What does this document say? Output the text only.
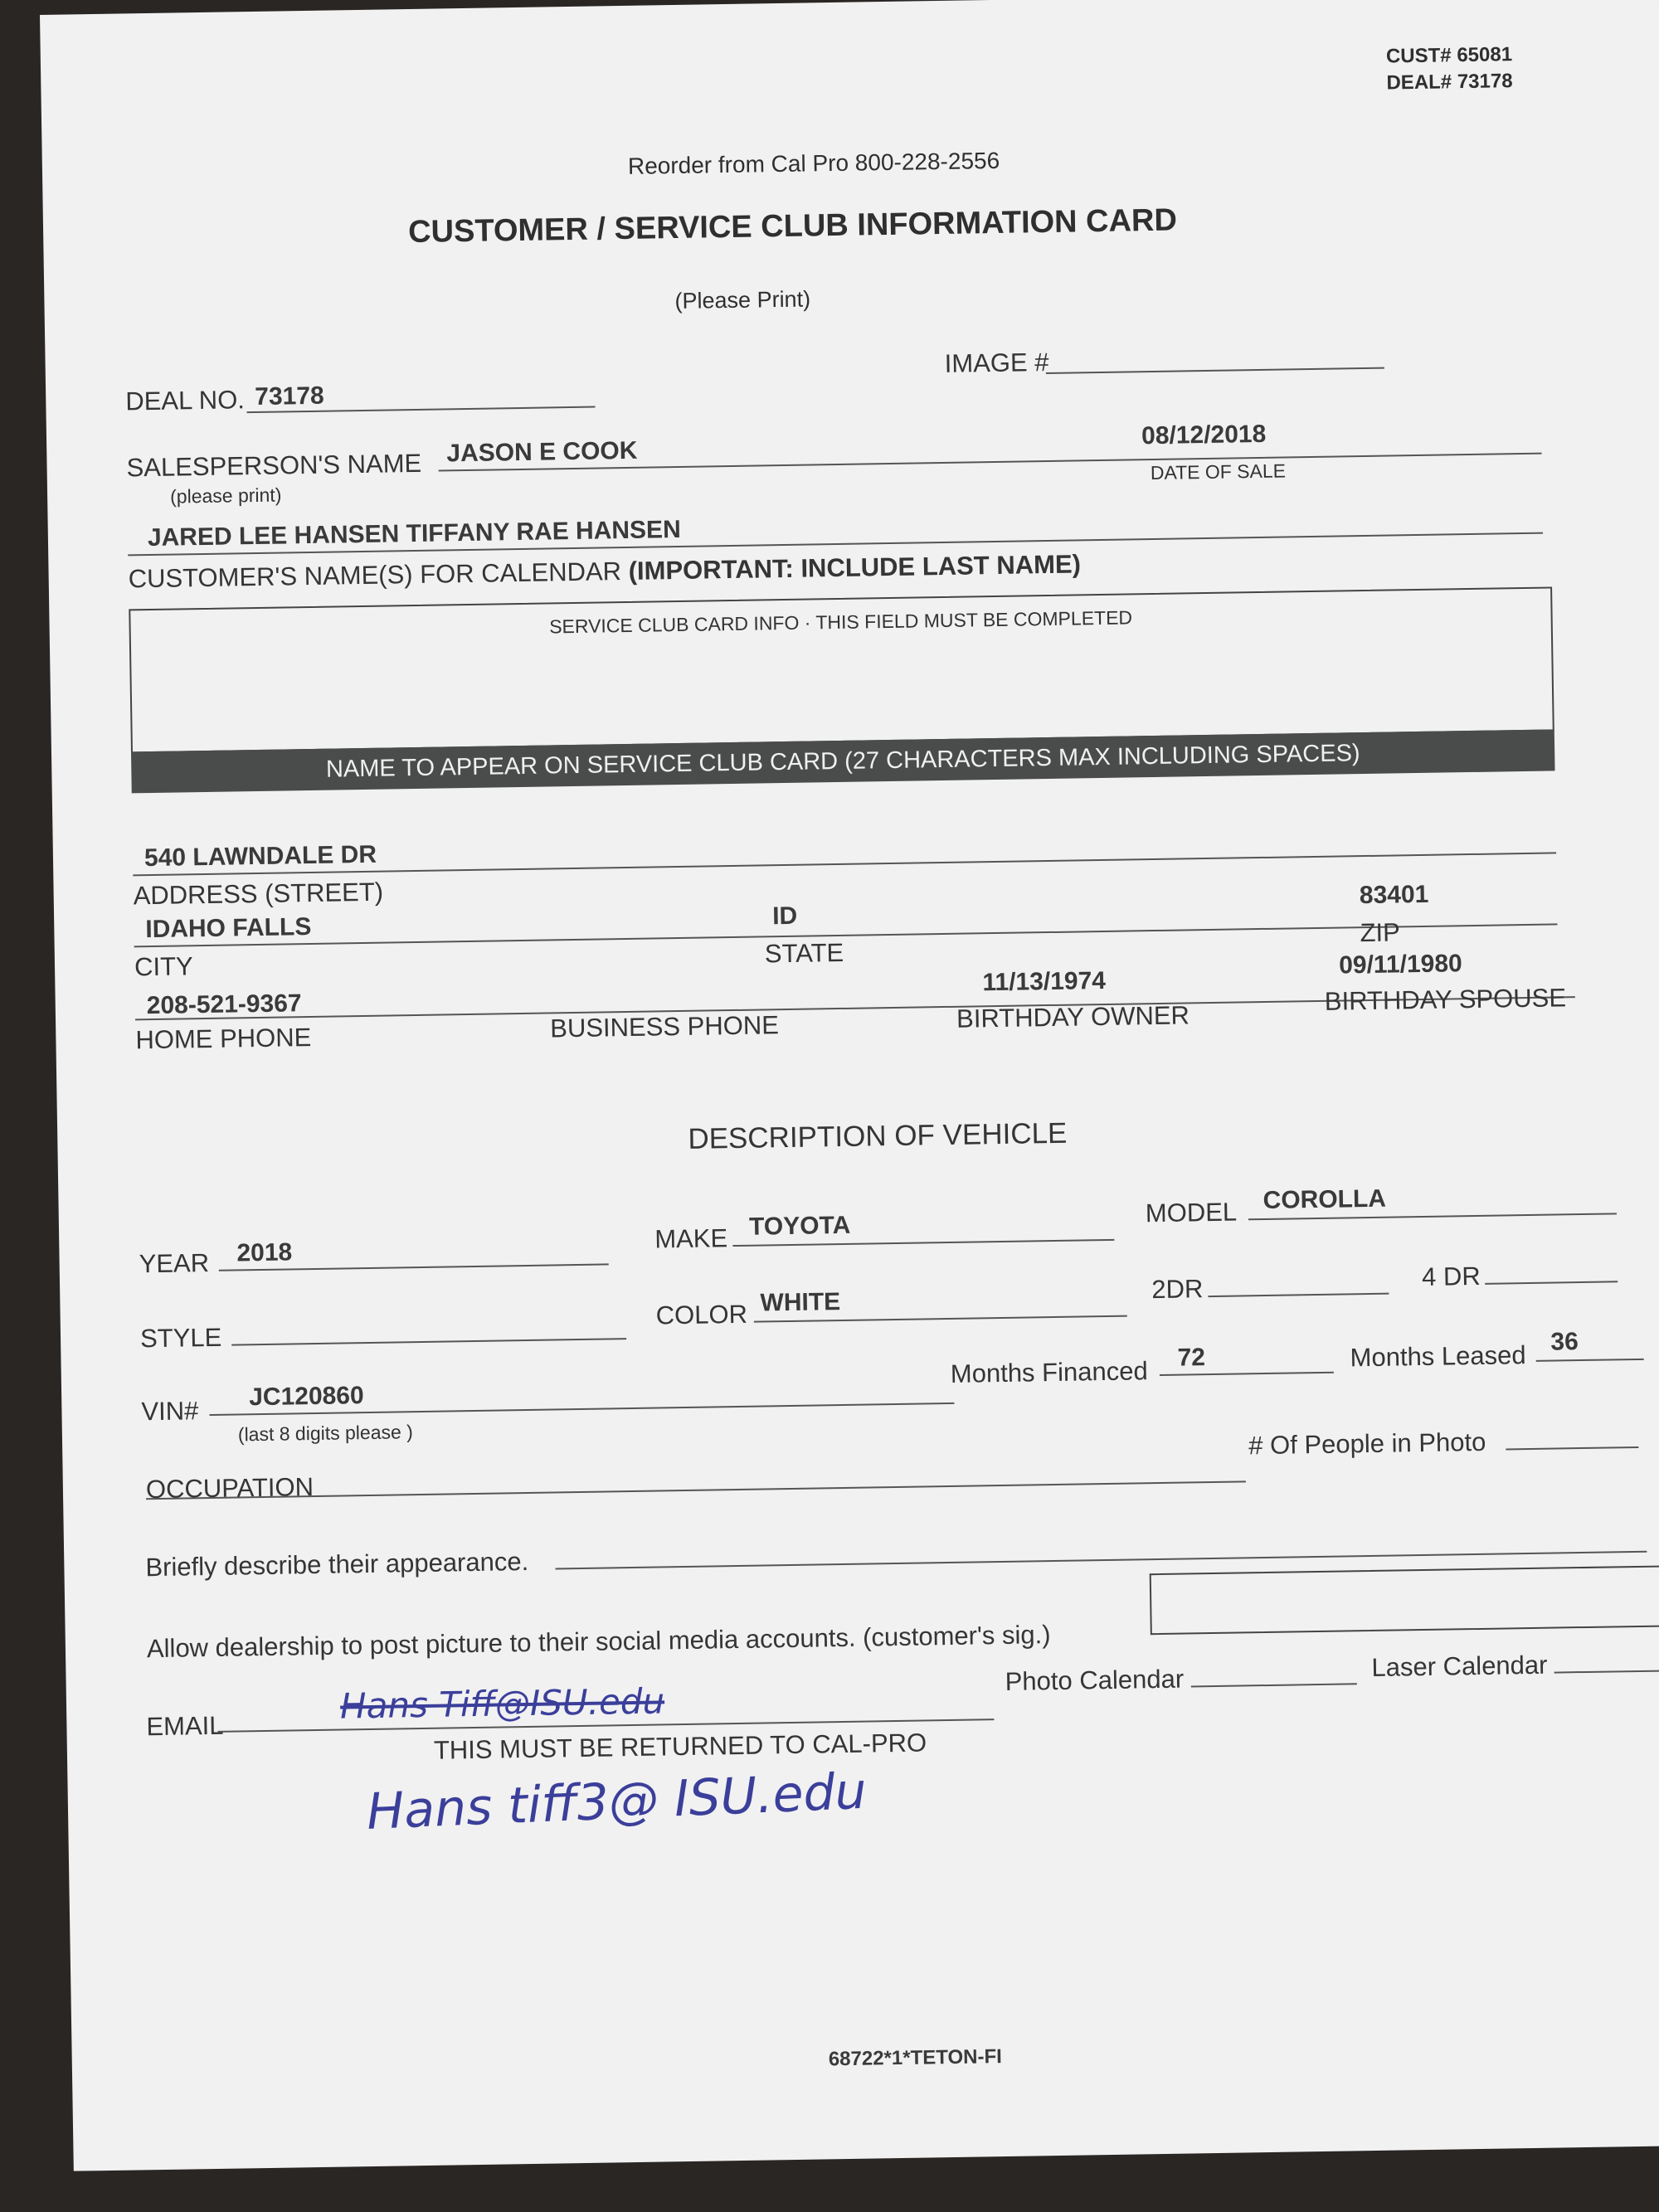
CUST# 65081
DEAL# 73178
Reorder from Cal Pro 800-228-2556
CUSTOMER / SERVICE CLUB INFORMATION CARD
(Please Print)
DEAL NO. 73178
IMAGE #
SALESPERSON'S NAME
(please print)
JASON E COOK
08/12/2018
DATE OF SALE
JARED LEE HANSEN TIFFANY RAE HANSEN
CUSTOMER'S NAME(S) FOR CALENDAR (IMPORTANT: INCLUDE LAST NAME)
SERVICE CLUB CARD INFO · THIS FIELD MUST BE COMPLETED
NAME TO APPEAR ON SERVICE CLUB CARD (27 CHARACTERS MAX INCLUDING SPACES)
540 LAWNDALE DR
ADDRESS (STREET)
IDAHO FALLS
CITY
ID
STATE
83401
ZIP
208-521-9367
HOME PHONE	BUSINESS PHONE
11/13/1974
BIRTHDAY OWNER
09/11/1980
BIRTHDAY SPOUSE
DESCRIPTION OF VEHICLE
YEAR 2018	MAKE TOYOTA	MODEL COROLLA
STYLE
COLOR WHITE	2DR	4 DR
VIN# JC120860
(last 8 digits please )
Months Financed 72	Months Leased 36
OCCUPATION
# Of People in Photo
Briefly describe their appearance.
Allow dealership to post picture to their social media accounts. (customer's sig.)
EMAIL	Hans Tiff@ISU.edu
Photo Calendar	Laser Calendar
THIS MUST BE RETURNED TO CAL-PRO
Hans tiff3@ ISU.edu
68722*1*TETON-FI
